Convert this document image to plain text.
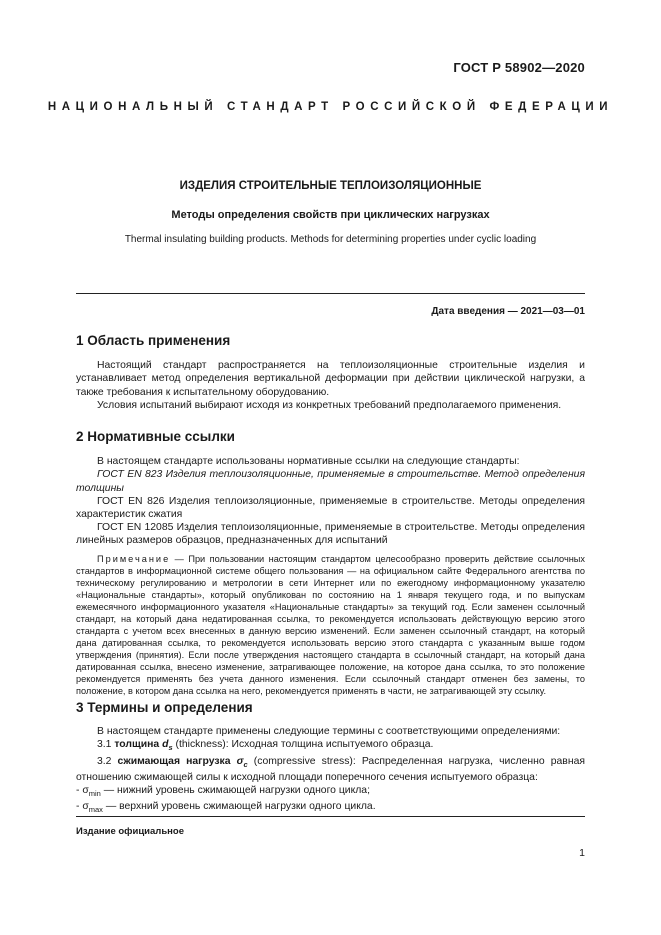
ГОСТ Р 58902—2020
НАЦИОНАЛЬНЫЙ СТАНДАРТ РОССИЙСКОЙ ФЕДЕРАЦИИ
ИЗДЕЛИЯ СТРОИТЕЛЬНЫЕ ТЕПЛОИЗОЛЯЦИОННЫЕ
Методы определения свойств при циклических нагрузках
Thermal insulating building products. Methods for determining properties under cyclic loading
Дата введения — 2021—03—01
1 Область применения

Настоящий стандарт распространяется на теплоизоляционные строительные изделия и устанавливает метод определения вертикальной деформации при действии циклической нагрузки, а также требования к испытательному оборудованию.

Условия испытаний выбирают исходя из конкретных требований предполагаемого применения.

2 Нормативные ссылки

В настоящем стандарте использованы нормативные ссылки на следующие стандарты:

ГОСТ EN 823 Изделия теплоизоляционные, применяемые в строительстве. Метод определения толщины

ГОСТ EN 826 Изделия теплоизоляционные, применяемые в строительстве. Методы определения характеристик сжатия

ГОСТ EN 12085 Изделия теплоизоляционные, применяемые в строительстве. Методы определения линейных размеров образцов, предназначенных для испытаний

Примечание — При пользовании настоящим стандартом целесообразно проверить действие ссылочных стандартов в информационной системе общего пользования — на официальном сайте Федерального агентства по техническому регулированию и метрологии в сети Интернет или по ежегодному информационному указателю «Национальные стандарты», который опубликован по состоянию на 1 января текущего года, и по выпускам ежемесячного информационного указателя «Национальные стандарты» за текущий год. Если заменен ссылочный стандарт, на который дана недатированная ссылка, то рекомендуется использовать действующую версию этого стандарта с учетом всех внесенных в данную версию изменений. Если заменен ссылочный стандарт, на который дана датированная ссылка, то рекомендуется использовать версию этого стандарта с указанным выше годом утверждения (принятия). Если после утверждения настоящего стандарта в ссылочный стандарт, на который дана датированная ссылка, внесено изменение, затрагивающее положение, на которое дана ссылка, то это положение рекомендуется применять без учета данного изменения. Если ссылочный стандарт отменен без замены, то положение, в котором дана ссылка на него, рекомендуется применять в части, не затрагивающей эту ссылку.

3 Термины и определения

В настоящем стандарте применены следующие термины с соответствующими определениями:

3.1 толщина $d_s$ (thickness): Исходная толщина испытуемого образца.

3.2 сжимающая нагрузка $\sigma_c$ (compressive stress): Распределенная нагрузка, численно равная отношению сжимающей силы к исходной площади поперечного сечения испытуемого образца:

- $\sigma_{min}$ — нижний уровень сжимающей нагрузки одного цикла;

- $\sigma_{max}$ — верхний уровень сжимающей нагрузки одного цикла.

Издание официальное
1
